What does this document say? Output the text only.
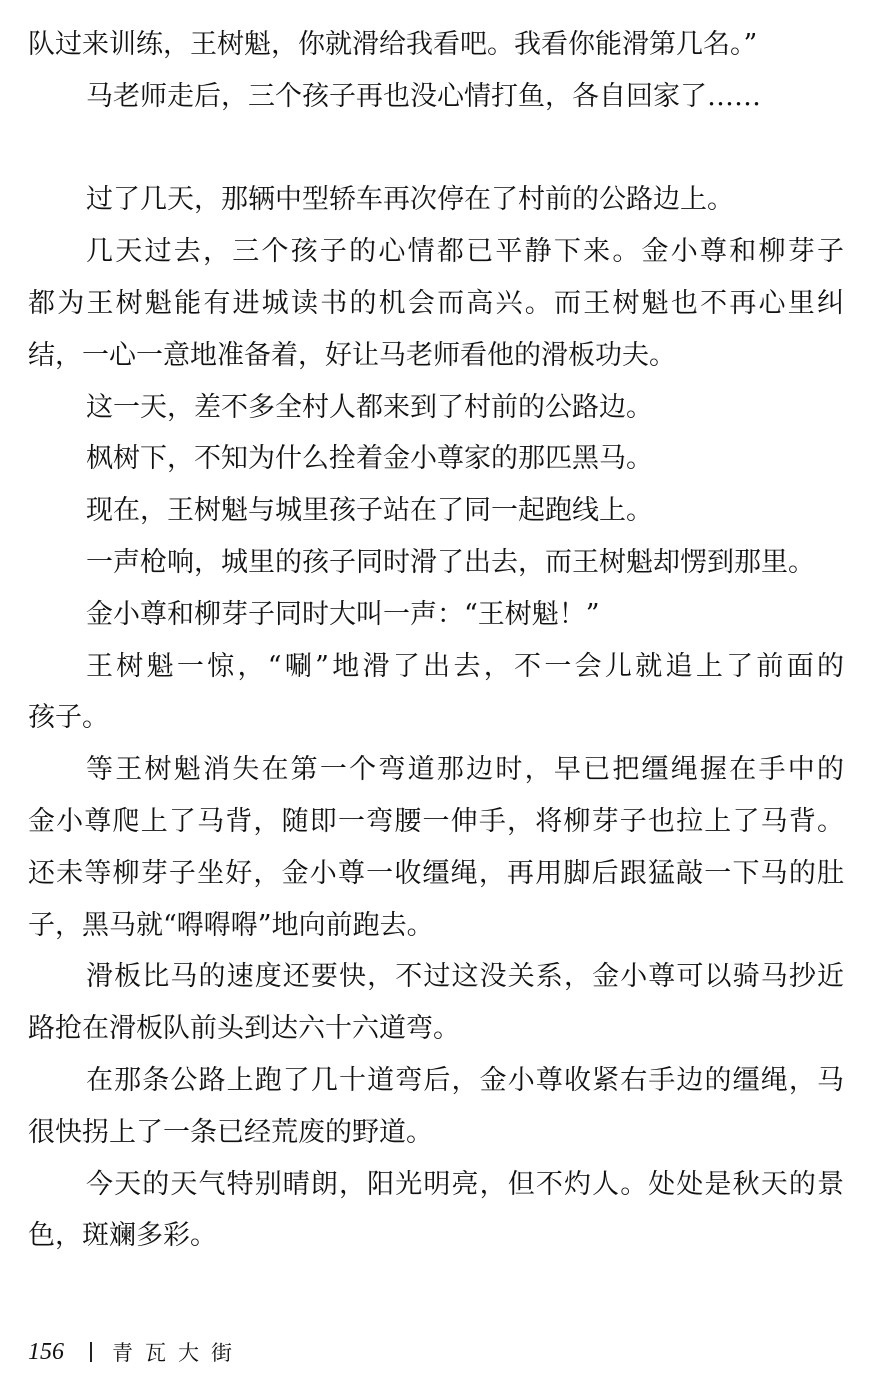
队过来训练，王树魁，你就滑给我看吧。我看你能滑第几名。”
马老师走后，三个孩子再也没心情打鱼，各自回家了……
过了几天，那辆中型轿车再次停在了村前的公路边上。
几天过去，三个孩子的心情都已平静下来。金小尊和柳芽子
都为王树魁能有进城读书的机会而高兴。而王树魁也不再心里纠
结，一心一意地准备着，好让马老师看他的滑板功夫。
这一天，差不多全村人都来到了村前的公路边。
枫树下，不知为什么拴着金小尊家的那匹黑马。
现在，王树魁与城里孩子站在了同一起跑线上。
一声枪响，城里的孩子同时滑了出去，而王树魁却愣到那里。
金小尊和柳芽子同时大叫一声：“王树魁！”
王树魁一惊，“唰”地滑了出去，不一会儿就追上了前面的
孩子。
等王树魁消失在第一个弯道那边时，早已把缰绳握在手中的
金小尊爬上了马背，随即一弯腰一伸手，将柳芽子也拉上了马背。
还未等柳芽子坐好，金小尊一收缰绳，再用脚后跟猛敲一下马的肚
子，黑马就“嘚嘚嘚”地向前跑去。
滑板比马的速度还要快，不过这没关系，金小尊可以骑马抄近
路抢在滑板队前头到达六十六道弯。
在那条公路上跑了几十道弯后，金小尊收紧右手边的缰绳，马
很快拐上了一条已经荒废的野道。
今天的天气特别晴朗，阳光明亮，但不灼人。处处是秋天的景
色，斑斓多彩。
156 青瓦大街
